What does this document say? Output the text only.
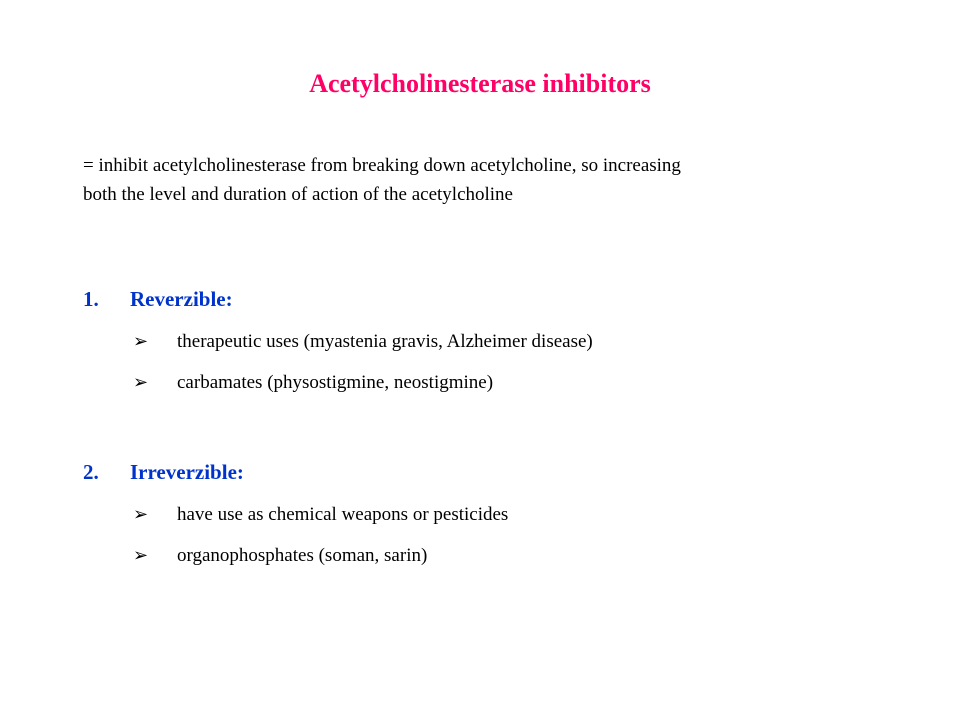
Acetylcholinesterase inhibitors
= inhibit acetylcholinesterase from breaking down acetylcholine, so increasing
both the level and duration of action of the acetylcholine
1.	Reverzible:
➢	therapeutic uses (myastenia gravis, Alzheimer disease)
➢	carbamates (physostigmine, neostigmine)
2.	Irreverzible:
➢	have use as chemical weapons or pesticides
➢	organophosphates (soman, sarin)
